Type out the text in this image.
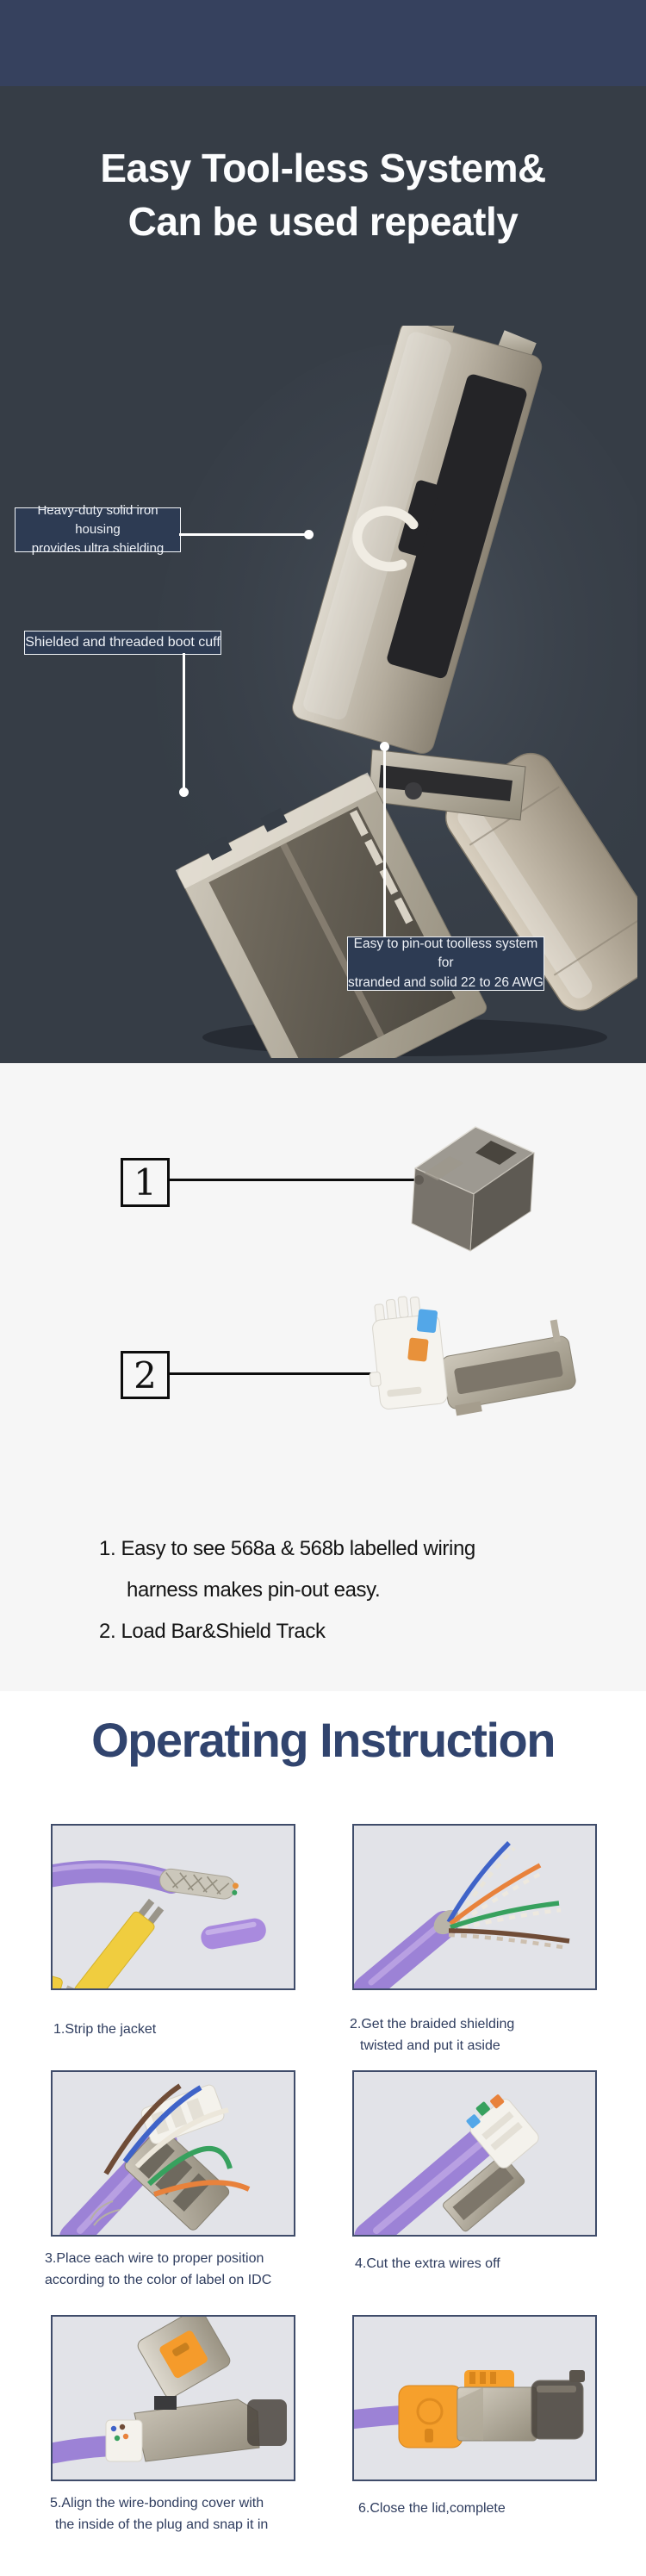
Easy Tool-less System&
Can be used repeatly
Heavy-duty solid iron housing
provides ultra shielding
Shielded and threaded boot cuff
Easy to pin-out toolless system for
stranded and solid 22 to 26 AWG
1
2
1. Easy to see 568a & 568b labelled wiring
harness makes pin-out easy.
2. Load Bar&Shield Track
Operating Instruction
1.Strip the jacket	2.Get the braided shielding
twisted and put it aside
3.Place each wire to proper position
according to the color of label on IDC
4.Cut the extra wires off
5.Align the wire-bonding cover with
the inside of the plug and snap it in
6.Close the lid,complete
